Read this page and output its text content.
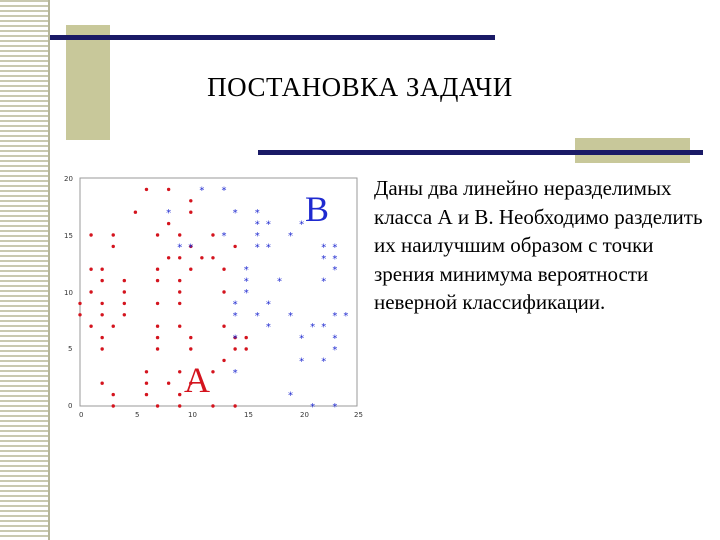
ПОСТАНОВКА ЗАДАЧИ
20
15
10
5
0
0	5	10	15	20	25
* *
*	* *
* *	*
*	*	*
* *	* *	* *
* *
*	*
*	*	*
*
*	*
* *	*	* *
*	* *
*	*	*
*
* *
*
*
* *
B
A

Даны два линейно неразделимых класса А и В. Необходимо разделить их наилучшим образом с точки зрения минимума вероятности неверной классификации.
